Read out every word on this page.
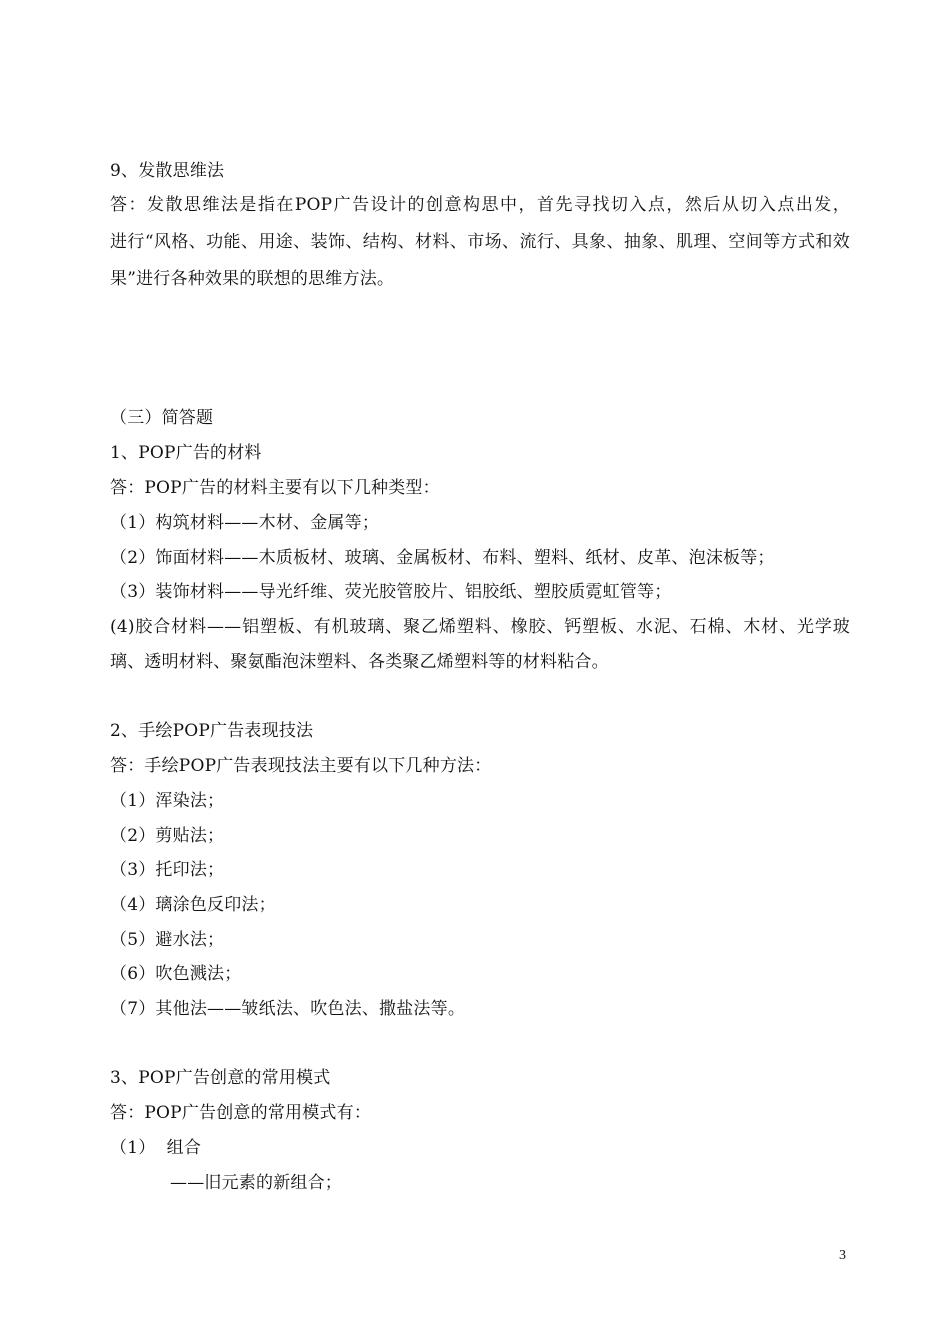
9、发散思维法
答：发散思维法是指在POP广告设计的创意构思中，首先寻找切入点，然后从切入点出发，
进行“风格、功能、用途、装饰、结构、材料、市场、流行、具象、抽象、肌理、空间等方式和效
果”进行各种效果的联想的思维方法。
（三）简答题
1、POP广告的材料
答：POP广告的材料主要有以下几种类型：
（1）构筑材料——木材、金属等；
（2）饰面材料——木质板材、玻璃、金属板材、布料、塑料、纸材、皮革、泡沫板等；
（3）装饰材料——导光纤维、荧光胶管胶片、铝胶纸、塑胶质霓虹管等；
(4)胶合材料——铝塑板、有机玻璃、聚乙烯塑料、橡胶、钙塑板、水泥、石棉、木材、光学玻
璃、透明材料、聚氨酯泡沫塑料、各类聚乙烯塑料等的材料粘合。
2、手绘POP广告表现技法
答：手绘POP广告表现技法主要有以下几种方法：
（1）浑染法；
（2）剪贴法；
（3）托印法；
（4）璃涂色反印法；
（5）避水法；
（6）吹色溅法；
（7）其他法——皱纸法、吹色法、撒盐法等。
3、POP广告创意的常用模式
答：POP广告创意的常用模式有：
（1）  组合
——旧元素的新组合；
3
